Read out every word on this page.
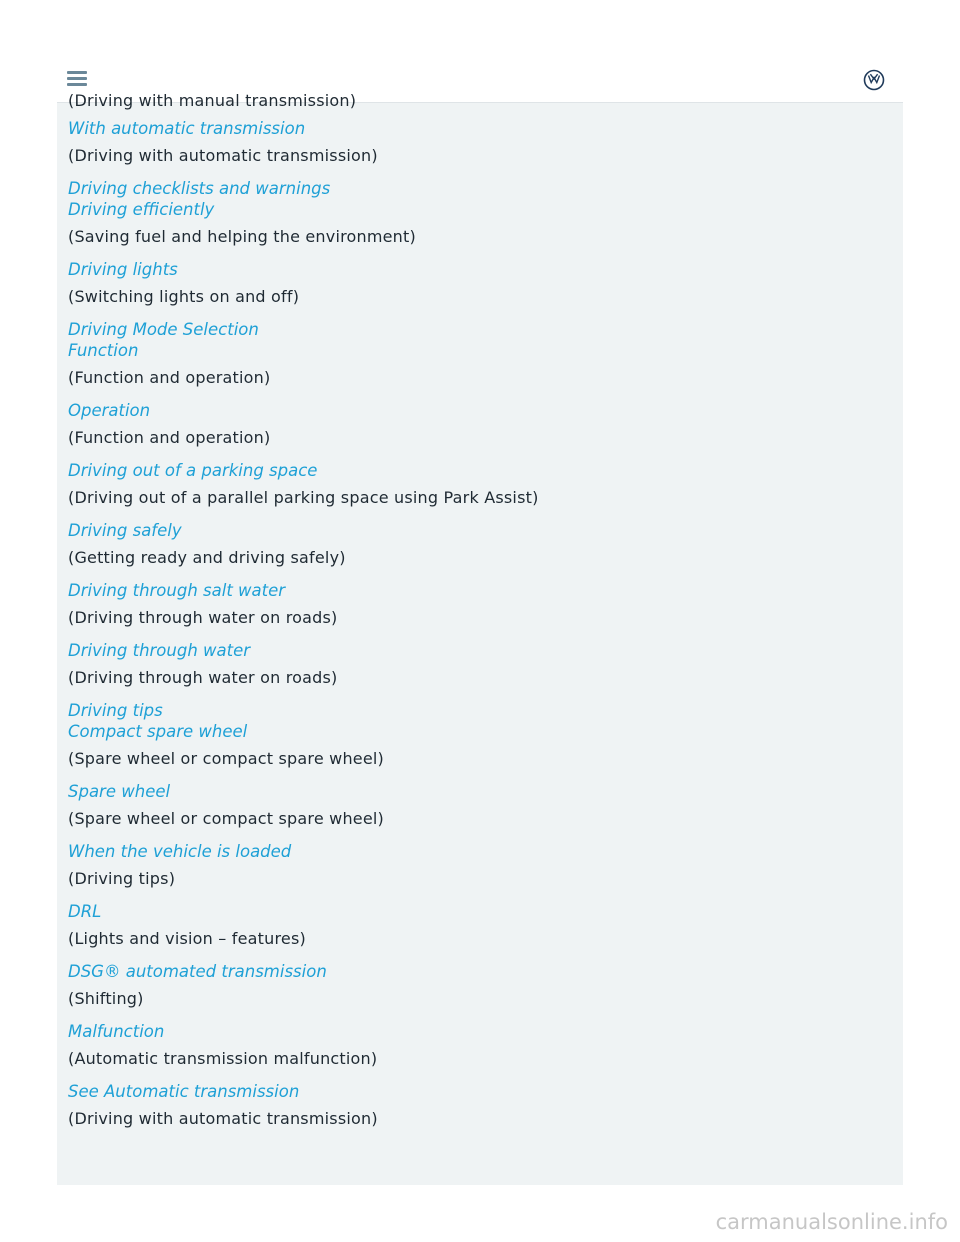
(Driving with manual transmission)
With automatic transmission
(Driving with automatic transmission)
Driving checklists and warnings
Driving efficiently
(Saving fuel and helping the environment)
Driving lights
(Switching lights on and off)
Driving Mode Selection
Function
(Function and operation)
Operation
(Function and operation)
Driving out of a parking space
(Driving out of a parallel parking space using Park Assist)
Driving safely
(Getting ready and driving safely)
Driving through salt water
(Driving through water on roads)
Driving through water
(Driving through water on roads)
Driving tips
Compact spare wheel
(Spare wheel or compact spare wheel)
Spare wheel
(Spare wheel or compact spare wheel)
When the vehicle is loaded
(Driving tips)
DRL
(Lights and vision – features)
DSG® automated transmission
(Shifting)
Malfunction
(Automatic transmission malfunction)
See Automatic transmission
(Driving with automatic transmission)
carmanualsonline.info
